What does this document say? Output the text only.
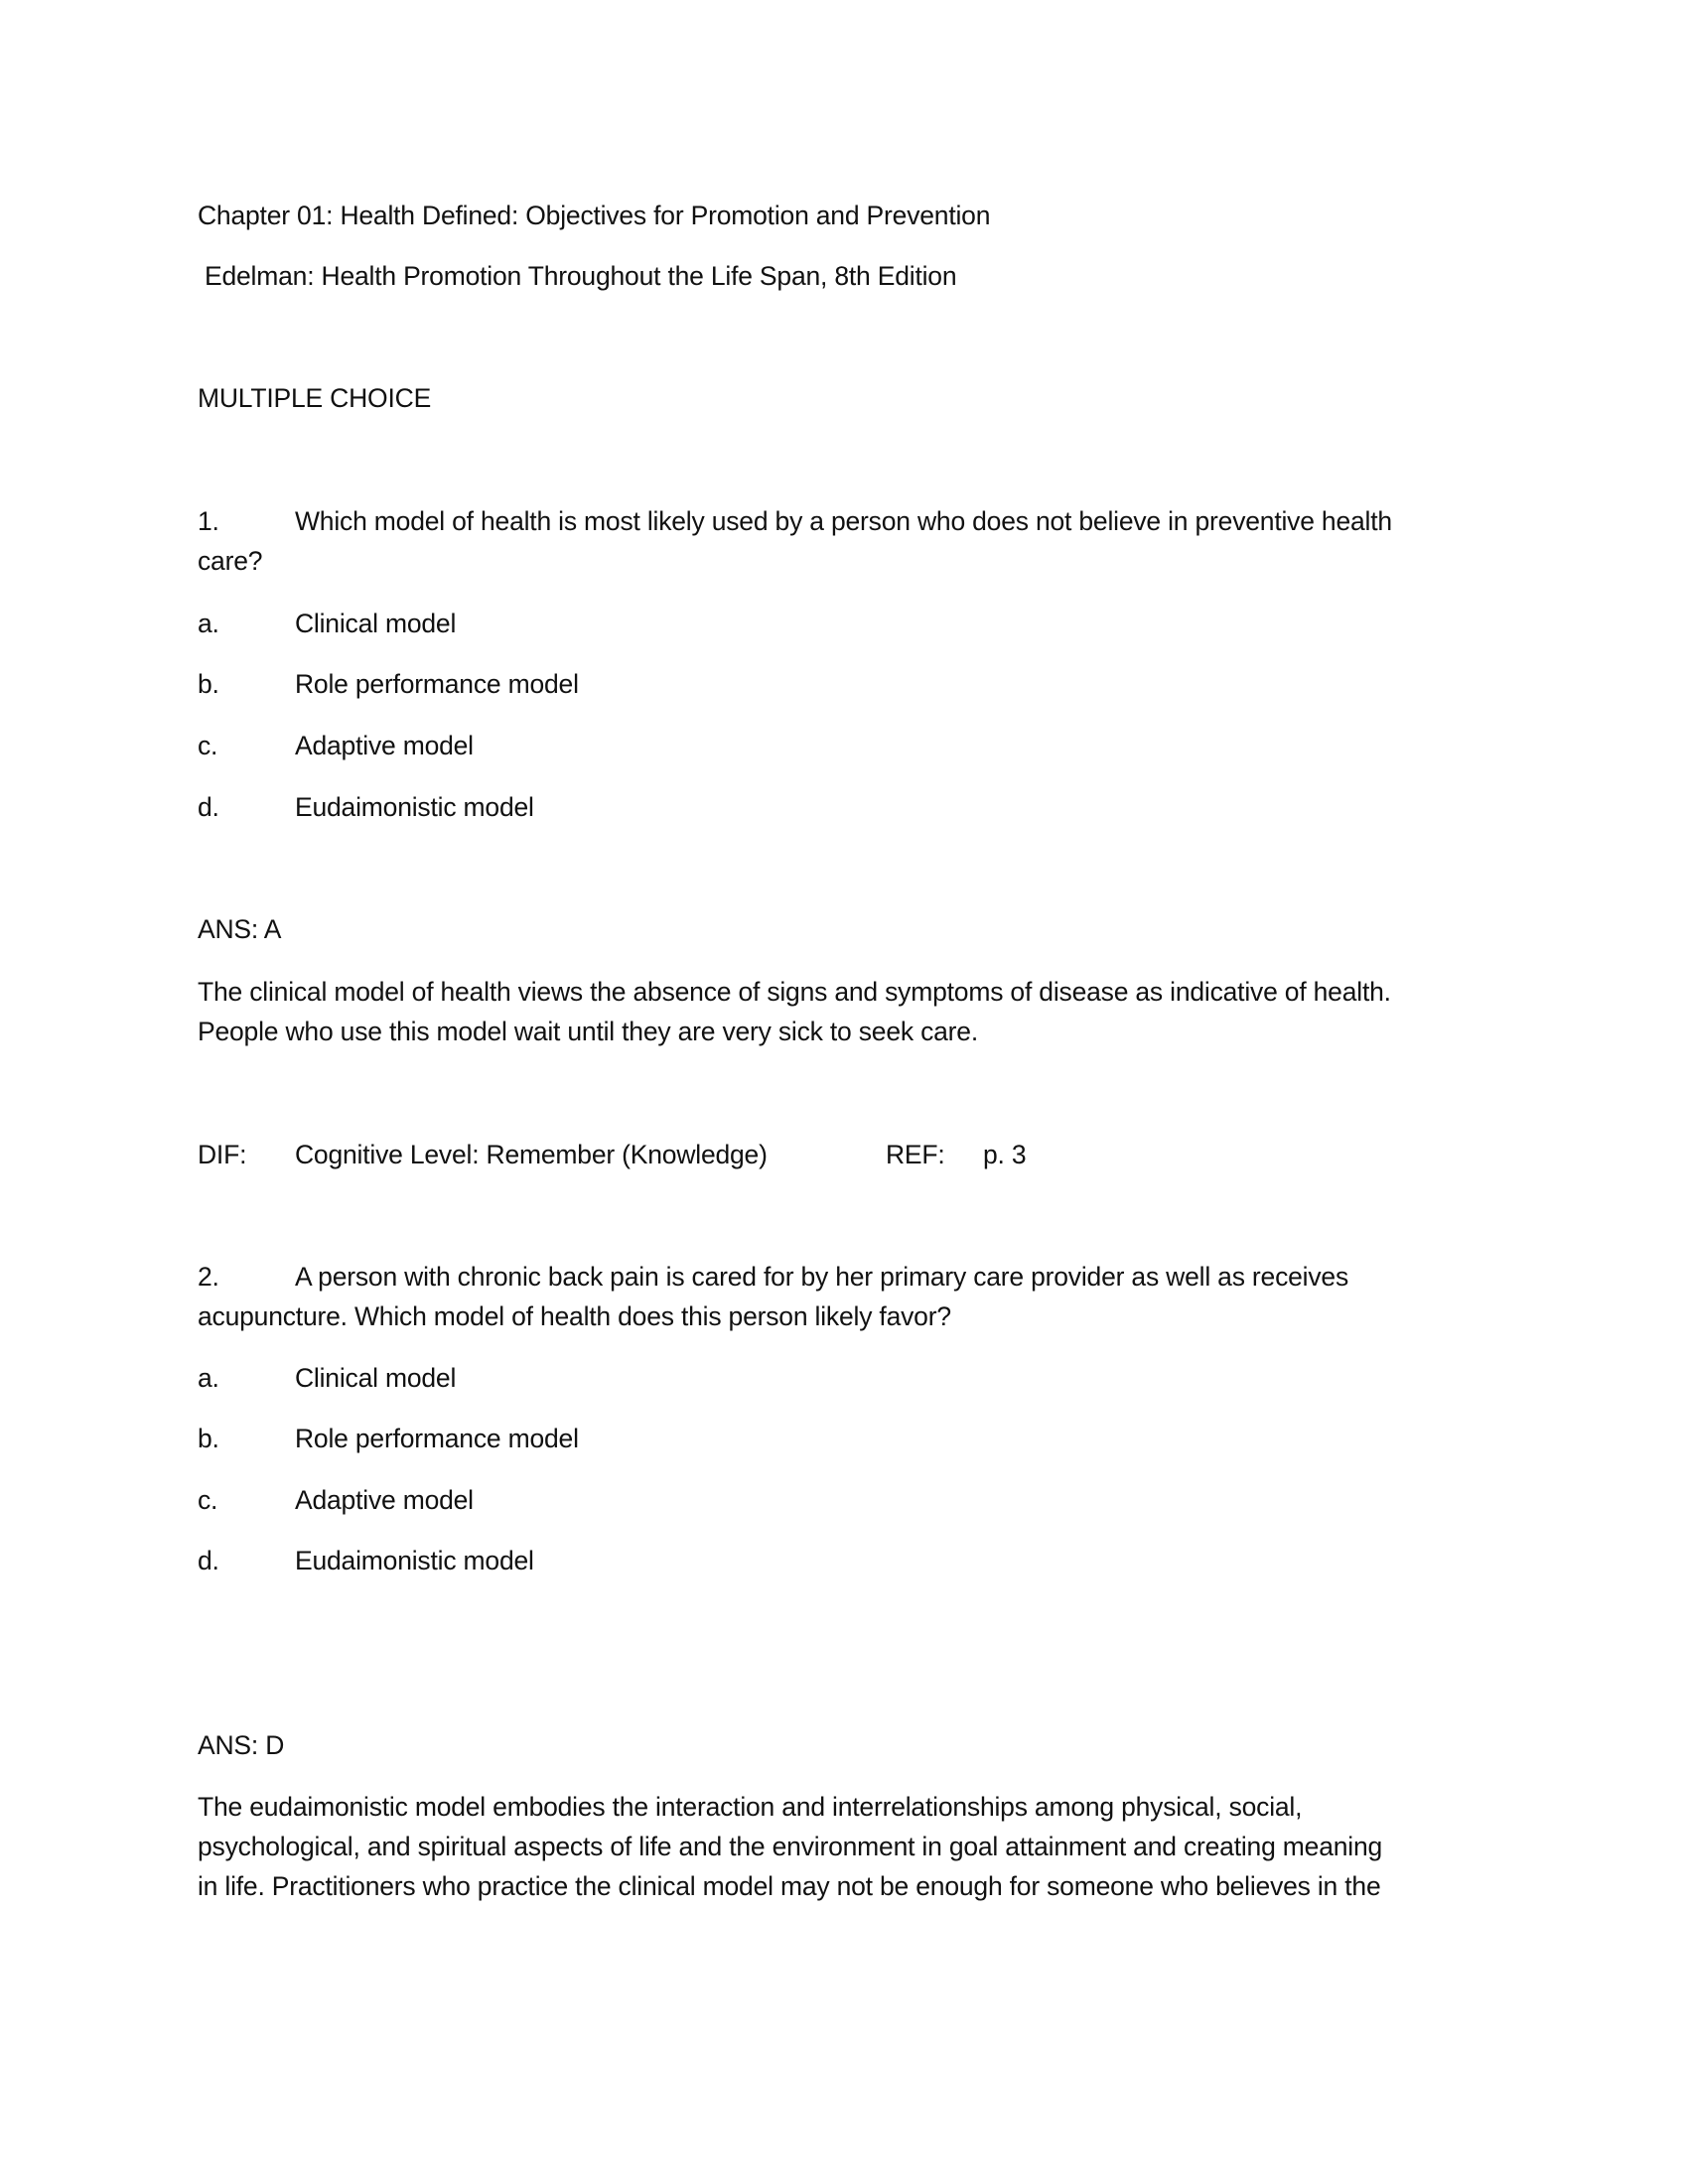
Chapter 01: Health Defined: Objectives for Promotion and Prevention
Edelman: Health Promotion Throughout the Life Span, 8th Edition
MULTIPLE CHOICE
1.	Which model of health is most likely used by a person who does not believe in preventive health
care?
a.	Clinical model
b.	Role performance model
c.	Adaptive model
d.	Eudaimonistic model
ANS: A
The clinical model of health views the absence of signs and symptoms of disease as indicative of health.
People who use this model wait until they are very sick to seek care.
DIF: Cognitive Level: Remember (Knowledge)	REF: p. 3
2.	A person with chronic back pain is cared for by her primary care provider as well as receives
acupuncture. Which model of health does this person likely favor?
a.	Clinical model
b.	Role performance model
c.	Adaptive model
d.	Eudaimonistic model
ANS: D
The eudaimonistic model embodies the interaction and interrelationships among physical, social,
psychological, and spiritual aspects of life and the environment in goal attainment and creating meaning
in life. Practitioners who practice the clinical model may not be enough for someone who believes in the
